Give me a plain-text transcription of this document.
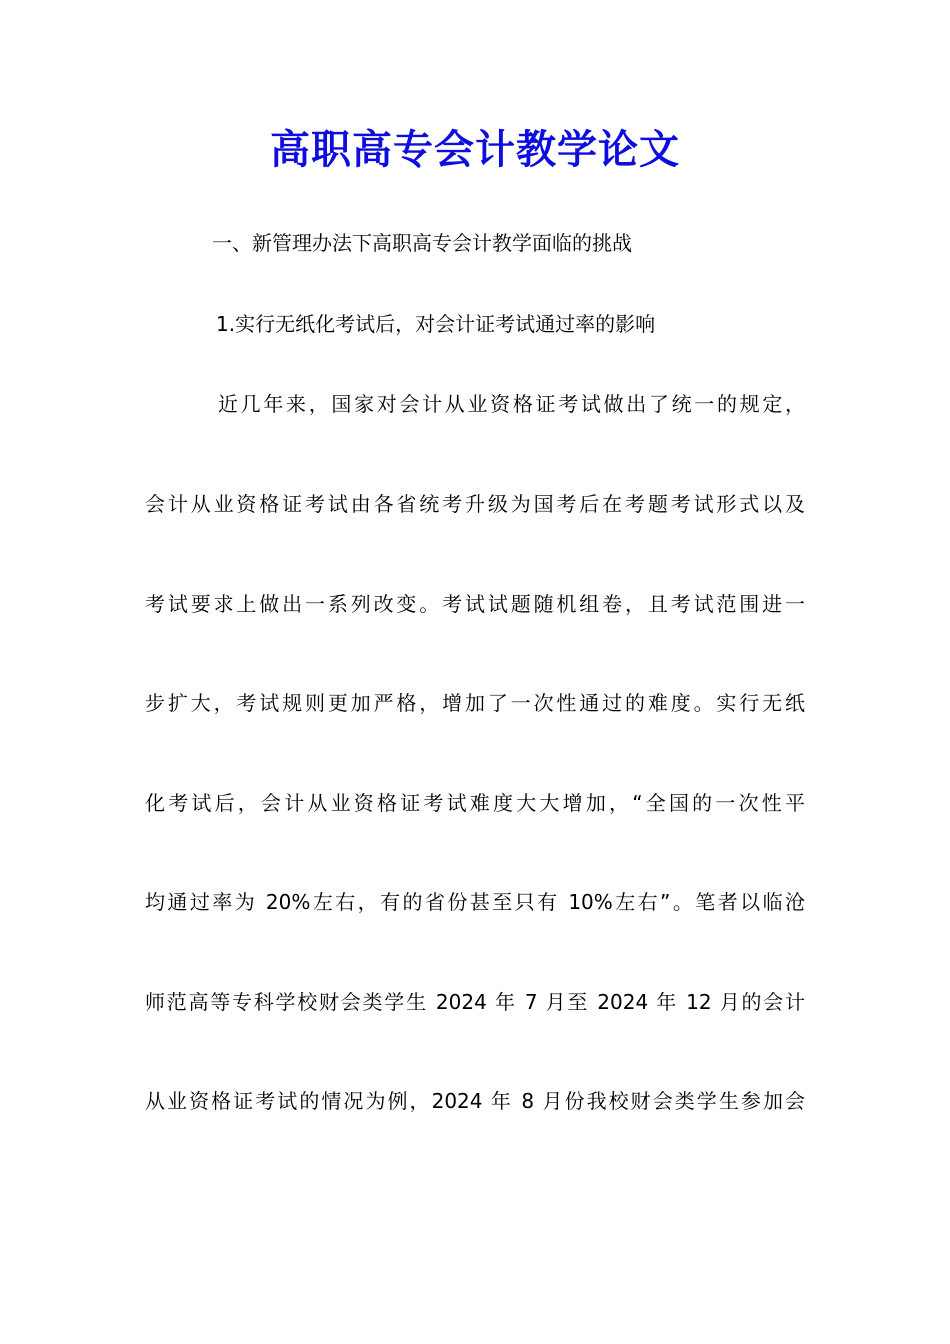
高职高专会计教学论文
一、新管理办法下高职高专会计教学面临的挑战
1.实行无纸化考试后，对会计证考试通过率的影响
近几年来，国家对会计从业资格证考试做出了统一的规定，
会计从业资格证考试由各省统考升级为国考后在考题考试形式以及
考试要求上做出一系列改变。考试试题随机组卷，且考试范围进一
步扩大，考试规则更加严格，增加了一次性通过的难度。实行无纸
化考试后，会计从业资格证考试难度大大增加，“全国的一次性平
均通过率为 20%左右，有的省份甚至只有 10%左右”。笔者以临沧
师范高等专科学校财会类学生 2024 年 7 月至 2024 年 12 月的会计
从业资格证考试的情况为例，2024 年 8 月份我校财会类学生参加会
